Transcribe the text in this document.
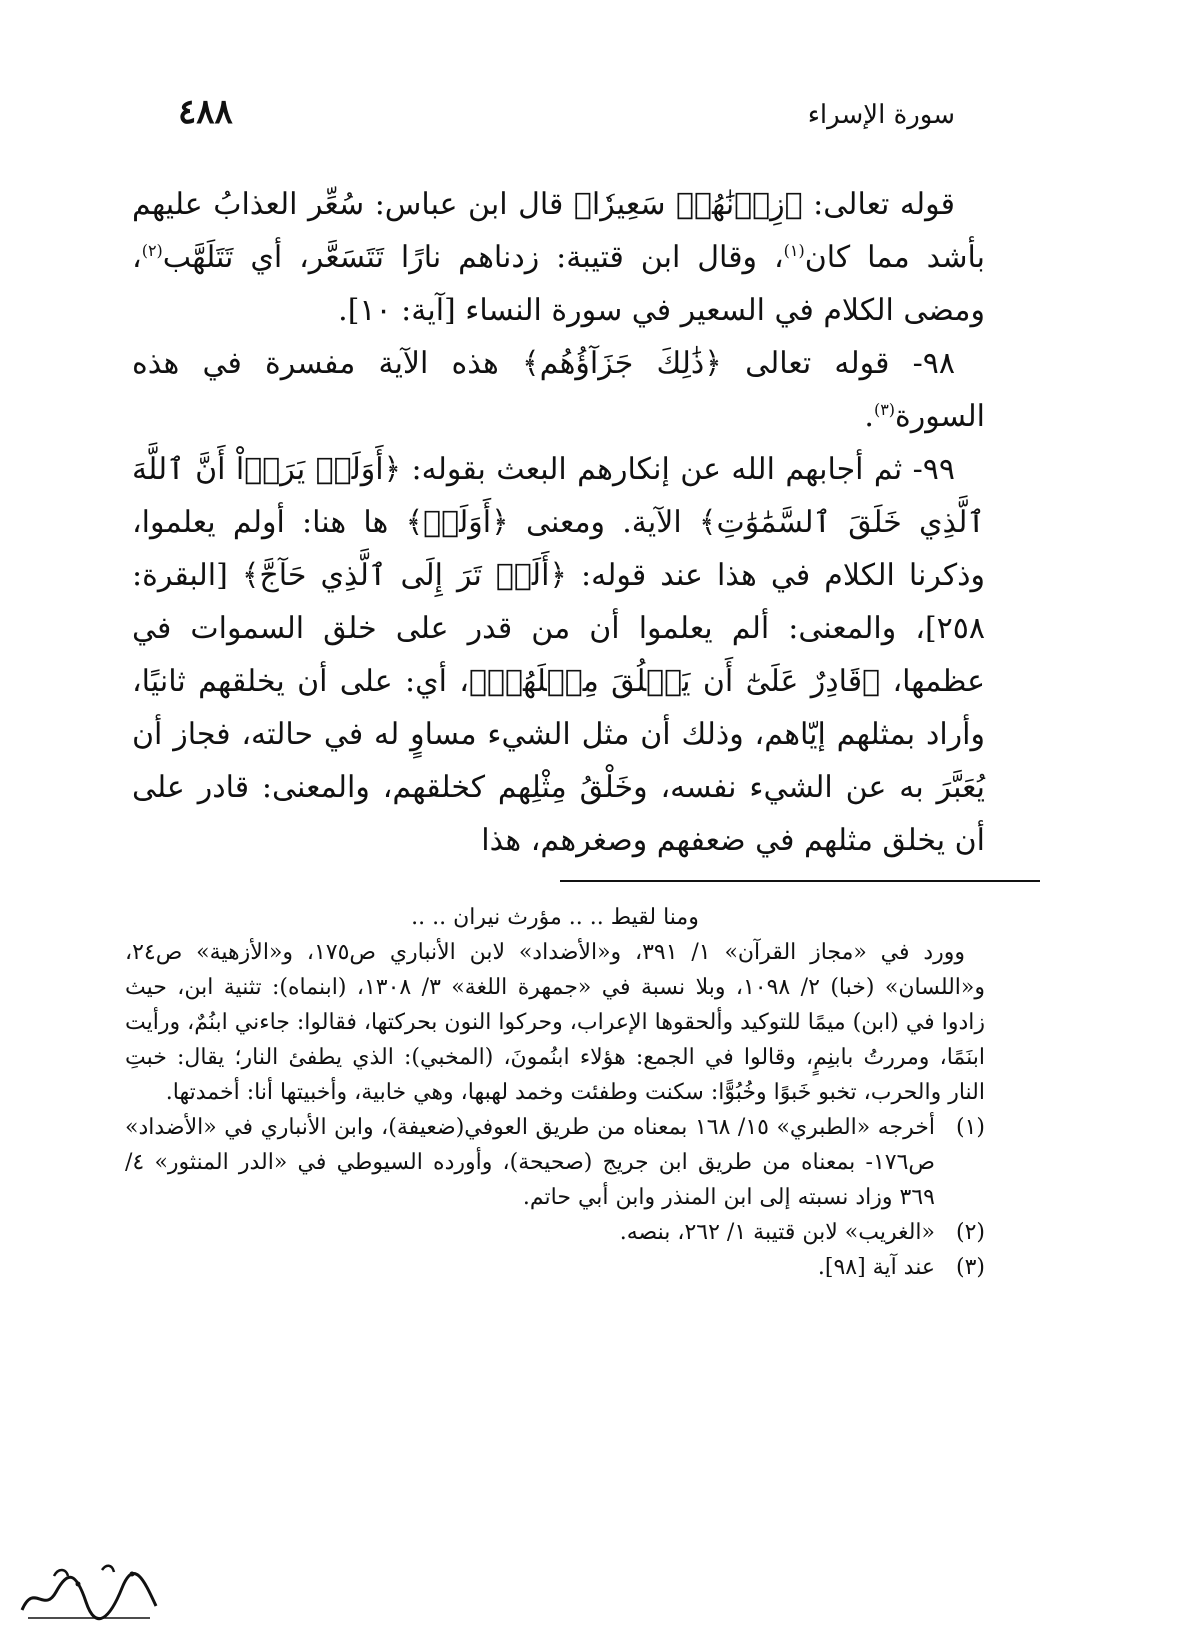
٤٨٨	سورة الإسراء

قوله تعالى: ﴿زِدۡنَٰهُمۡ سَعِيرٗا﴾ قال ابن عباس: سُعِّر العذابُ عليهم بأشد مما كان$^{(١)}$، وقال ابن قتيبة: زدناهم نارًا تَتَسَعَّر، أي تَتَلَهَّب$^{(٢)}$، ومضى الكلام في السعير في سورة النساء [آية: ١٠].

٩٨- قوله تعالى ﴿ذَٰلِكَ جَزَآؤُهُم﴾ هذه الآية مفسرة في هذه السورة$^{(٣)}$.

٩٩- ثم أجابهم الله عن إنكارهم البعث بقوله: ﴿أَوَلَمۡ يَرَوۡاْ أَنَّ ٱللَّهَ ٱلَّذِي خَلَقَ ٱلسَّمَٰوَٰتِ﴾ الآية. ومعنى ﴿أَوَلَمۡ﴾ ها هنا: أولم يعلموا، وذكرنا الكلام في هذا عند قوله: ﴿أَلَمۡ تَرَ إِلَى ٱلَّذِي حَآجَّ﴾ [البقرة: ٢٥٨]، والمعنى: ألم يعلموا أن من قدر على خلق السموات في عظمها، ﴿قَادِرٌ عَلَىٰٓ أَن يَخۡلُقَ مِثۡلَهُمۡ﴾، أي: على أن يخلقهم ثانيًا، وأراد بمثلهم إيّاهم، وذلك أن مثل الشيء مساوٍ له في حالته، فجاز أن يُعَبَّرَ به عن الشيء نفسه، وخَلْقُ مِثْلِهم كخلقهم، والمعنى: قادر على أن يخلق مثلهم في ضعفهم وصغرهم، هذا

ومنا لقيط .. .. مؤرث نيران .. ..

وورد في «مجاز القرآن» ١/ ٣٩١، و«الأضداد» لابن الأنباري ص١٧٥، و«الأزهية» ص٢٤، و«اللسان» (خبا) ٢/ ١٠٩٨، وبلا نسبة في «جمهرة اللغة» ٣/ ١٣٠٨، (ابنماه): تثنية ابن، حيث زادوا في (ابن) ميمًا للتوكيد وألحقوها الإعراب، وحركوا النون بحركتها، فقالوا: جاءني ابنُمٌ، ورأيت ابنَمًا، ومررتُ بابنِمٍ، وقالوا في الجمع: هؤلاء ابنُمونَ، (المخبي): الذي يطفئ النار؛ يقال: خبتِ النار والحرب، تخبو خَبوًا وخُبُوًّا: سكنت وطفئت وخمد لهبها، وهي خابية، وأخبيتها أنا: أخمدتها.

(١)
أخرجه «الطبري» ١٥/ ١٦٨ بمعناه من طريق العوفي(ضعيفة)، وابن الأنباري في «الأضداد» ص١٧٦- بمعناه من طريق ابن جريج (صحيحة)، وأورده السيوطي في «الدر المنثور» ٤/ ٣٦٩ وزاد نسبته إلى ابن المنذر وابن أبي حاتم.
(٢)
«الغريب» لابن قتيبة ١/ ٢٦٢، بنصه.
(٣)
عند آية [٩٨].
